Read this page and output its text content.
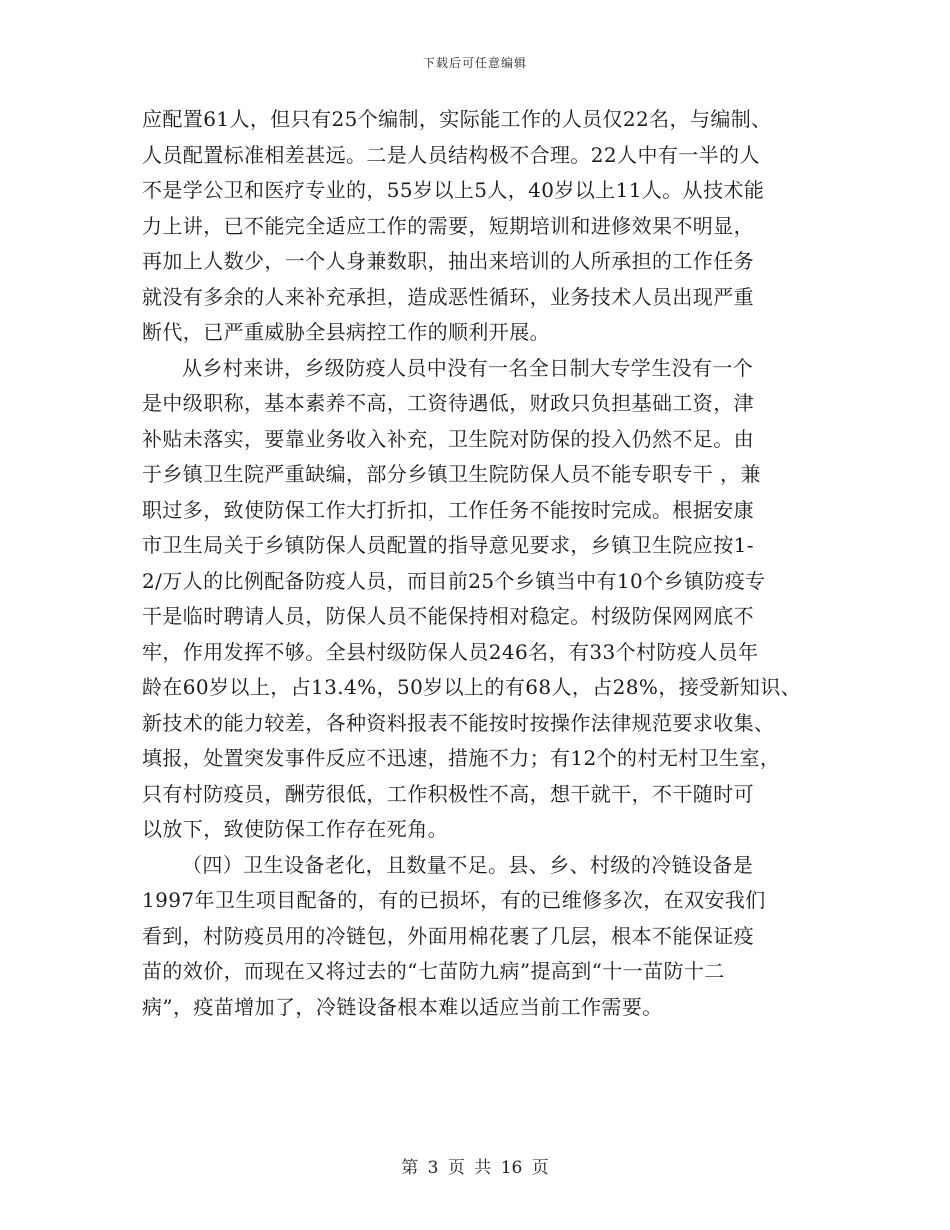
下载后可任意编辑
应配置61人，但只有25个编制，实际能工作的人员仅22名，与编制、
人员配置标准相差甚远。二是人员结构极不合理。22人中有一半的人
不是学公卫和医疗专业的，55岁以上5人，40岁以上11人。从技术能
力上讲，已不能完全适应工作的需要，短期培训和进修效果不明显，
再加上人数少，一个人身兼数职，抽出来培训的人所承担的工作任务
就没有多余的人来补充承担，造成恶性循环，业务技术人员出现严重
断代，已严重威胁全县病控工作的顺利开展。
从乡村来讲，乡级防疫人员中没有一名全日制大专学生没有一个
是中级职称，基本素养不高，工资待遇低，财政只负担基础工资，津
补贴未落实，要靠业务收入补充，卫生院对防保的投入仍然不足。由
于乡镇卫生院严重缺编，部分乡镇卫生院防保人员不能专职专干 ，兼
职过多，致使防保工作大打折扣，工作任务不能按时完成。根据安康
市卫生局关于乡镇防保人员配置的指导意见要求，乡镇卫生院应按1-
2/万人的比例配备防疫人员，而目前25个乡镇当中有10个乡镇防疫专
干是临时聘请人员，防保人员不能保持相对稳定。村级防保网网底不
牢，作用发挥不够。全县村级防保人员246名，有33个村防疫人员年
龄在60岁以上，占13.4%，50岁以上的有68人，占28%，接受新知识、
新技术的能力较差，各种资料报表不能按时按操作法律规范要求收集、
填报，处置突发事件反应不迅速，措施不力；有12个的村无村卫生室，
只有村防疫员，酬劳很低，工作积极性不高，想干就干，不干随时可
以放下，致使防保工作存在死角。
（四）卫生设备老化，且数量不足。县、乡、村级的冷链设备是
1997年卫生项目配备的，有的已损坏，有的已维修多次，在双安我们
看到，村防疫员用的冷链包，外面用棉花裹了几层，根本不能保证疫
苗的效价，而现在又将过去的“七苗防九病”提高到“十一苗防十二
病”，疫苗增加了，冷链设备根本难以适应当前工作需要。
第 3 页 共 16 页
